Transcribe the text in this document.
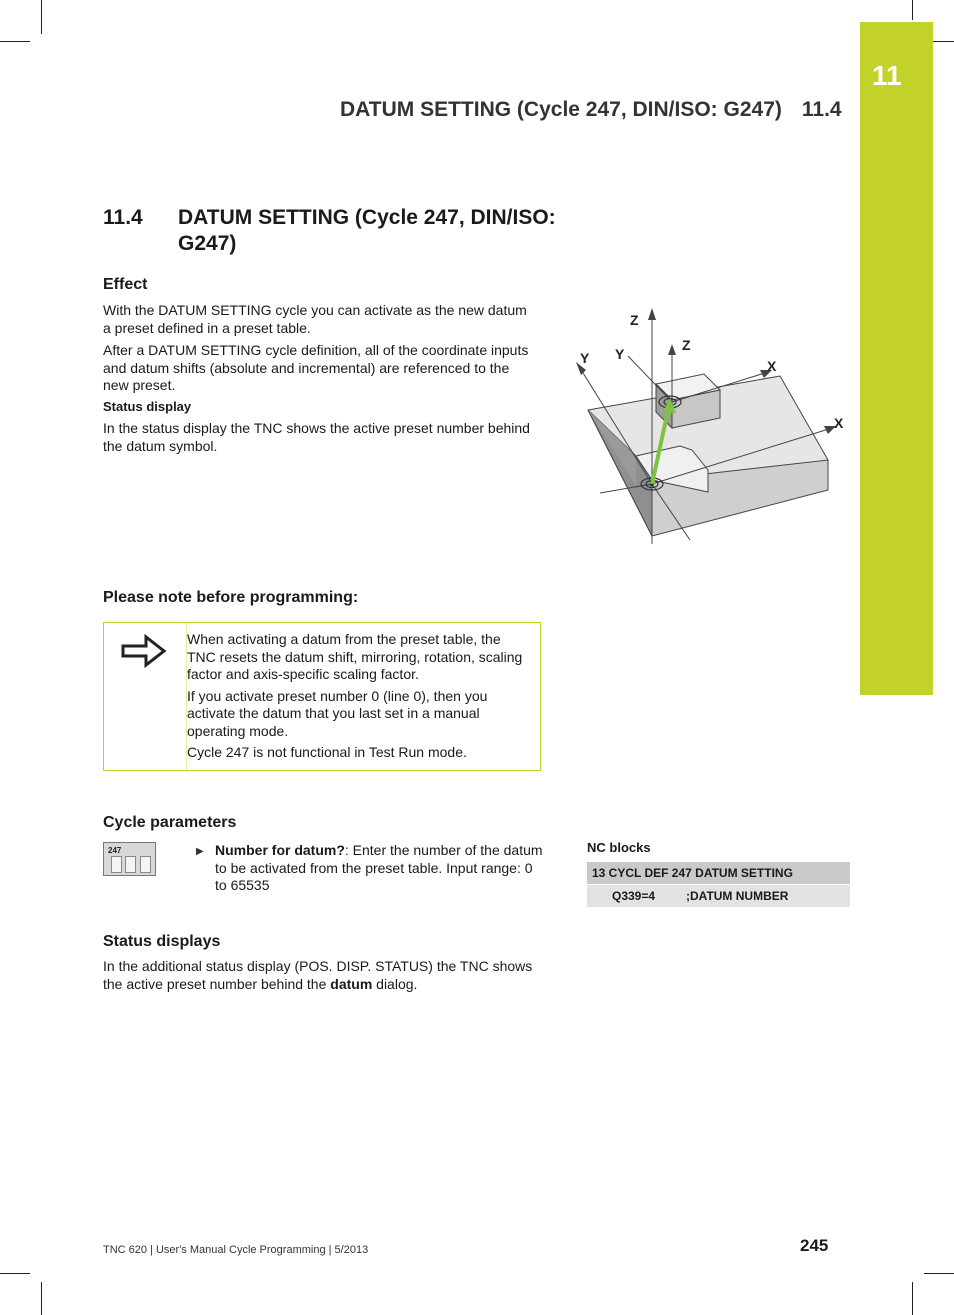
11
DATUM SETTING (Cycle 247, DIN/ISO: G247) 11.4
11.4 DATUM SETTING (Cycle 247, DIN/ISO: G247)
Effect

With the DATUM SETTING cycle you can activate as the new datum a preset defined in a preset table.

After a DATUM SETTING cycle definition, all of the coordinate inputs and datum shifts (absolute and incremental) are referenced to the new preset.

Status display

In the status display the TNC shows the active preset number behind the datum symbol.

Z
Y Y
Z
X
X
Please note before programming:

When activating a datum from the preset table, the TNC resets the datum shift, mirroring, rotation, scaling factor and axis-specific scaling factor.

If you activate preset number 0 (line 0), then you activate the datum that you last set in a manual operating mode.

Cycle 247 is not functional in Test Run mode.

Cycle parameters
247	▶ Number for datum?: Enter the number of the datum to be activated from the preset table. Input range: 0 to 65535
NC blocks
13 CYCL DEF 247 DATUM SETTING
Q339=4	;DATUM NUMBER
Status displays

In the additional status display (POS. DISP. STATUS) the TNC shows the active preset number behind the datum dialog.

TNC 620 | User's Manual Cycle Programming | 5/2013	245
